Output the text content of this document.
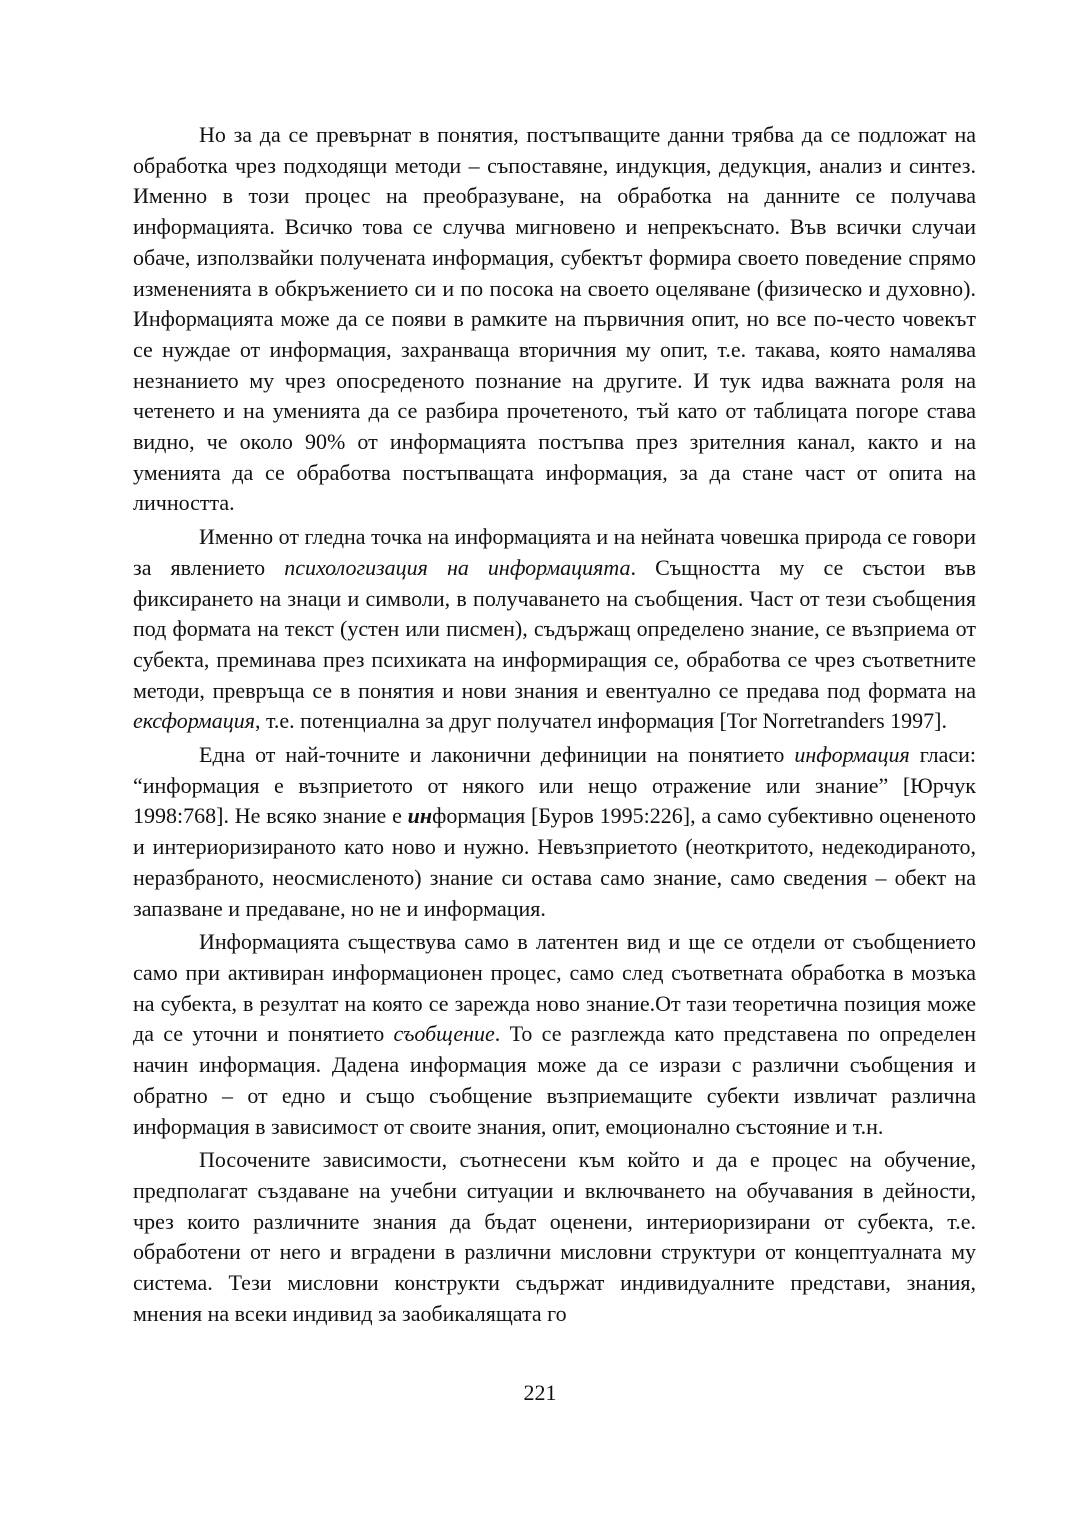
Но за да се превърнат в понятия, постъпващите данни трябва да се подложат на обработка чрез подходящи методи – съпоставяне, индукция, дедукция, анализ и синтез. Именно в този процес на преобразуване, на обработка на данните се получава информацията. Всичко това се случва мигновено и непрекъснато. Във всички случаи обаче, използвайки получената информация, субектът формира своето поведение спрямо измененията в обкръжението си и по посока на своето оцеляване (физическо и духовно). Информацията може да се появи в рамките на първичния опит, но все по-често човекът се нуждае от информация, захранваща вторичния му опит, т.е. такава, която намалява незнанието му чрез опосреденото познание на другите. И тук идва важната роля на четенето и на уменията да се разбира прочетеното, тъй като от таблицата погоре става видно, че около 90% от информацията постъпва през зрителния канал, както и на уменията да се обработва постъпващата информация, за да стане част от опита на личността.

Именно от гледна точка на информацията и на нейната човешка природа се говори за явлението психологизация на информацията. Същността му се състои във фиксирането на знаци и символи, в получаването на съобщения. Част от тези съобщения под формата на текст (устен или писмен), съдържащ определено знание, се възприема от субекта, преминава през психиката на информиращия се, обработва се чрез съответните методи, превръща се в понятия и нови знания и евентуално се предава под формата на ексформация, т.е. потенциална за друг получател информация [Tor Norretranders 1997].

Една от най-точните и лаконични дефиниции на понятието информация гласи: “информация е възприетото от някого или нещо отражение или знание” [Юрчук 1998:768]. Не всяко знание е информация [Буров 1995:226], а само субективно оцененото и интериоризираното като ново и нужно. Невъзприетото (неоткритото, недекодираното, неразбраното, неосмисленото) знание си остава само знание, само сведения – обект на запазване и предаване, но не и информация.

Информацията съществува само в латентен вид и ще се отдели от съобщението само при активиран информационен процес, само след съответната обработка в мозъка на субекта, в резултат на която се зарежда ново знание.От тази теоретична позиция може да се уточни и понятието съобщение. То се разглежда като представена по определен начин информация. Дадена информация може да се изрази с различни съобщения и обратно – от едно и също съобщение възприемащите субекти извличат различна информация в зависимост от своите знания, опит, емоционално състояние и т.н.

Посочените зависимости, съотнесени към който и да е процес на обучение, предполагат създаване на учебни ситуации и включването на обучавания в дейности, чрез които различните знания да бъдат оценени, интериоризирани от субекта, т.е. обработени от него и вградени в различни мисловни структури от концептуалната му система. Тези мисловни конструкти съдържат индивидуалните представи, знания, мнения на всеки индивид за заобикалящата го

221
